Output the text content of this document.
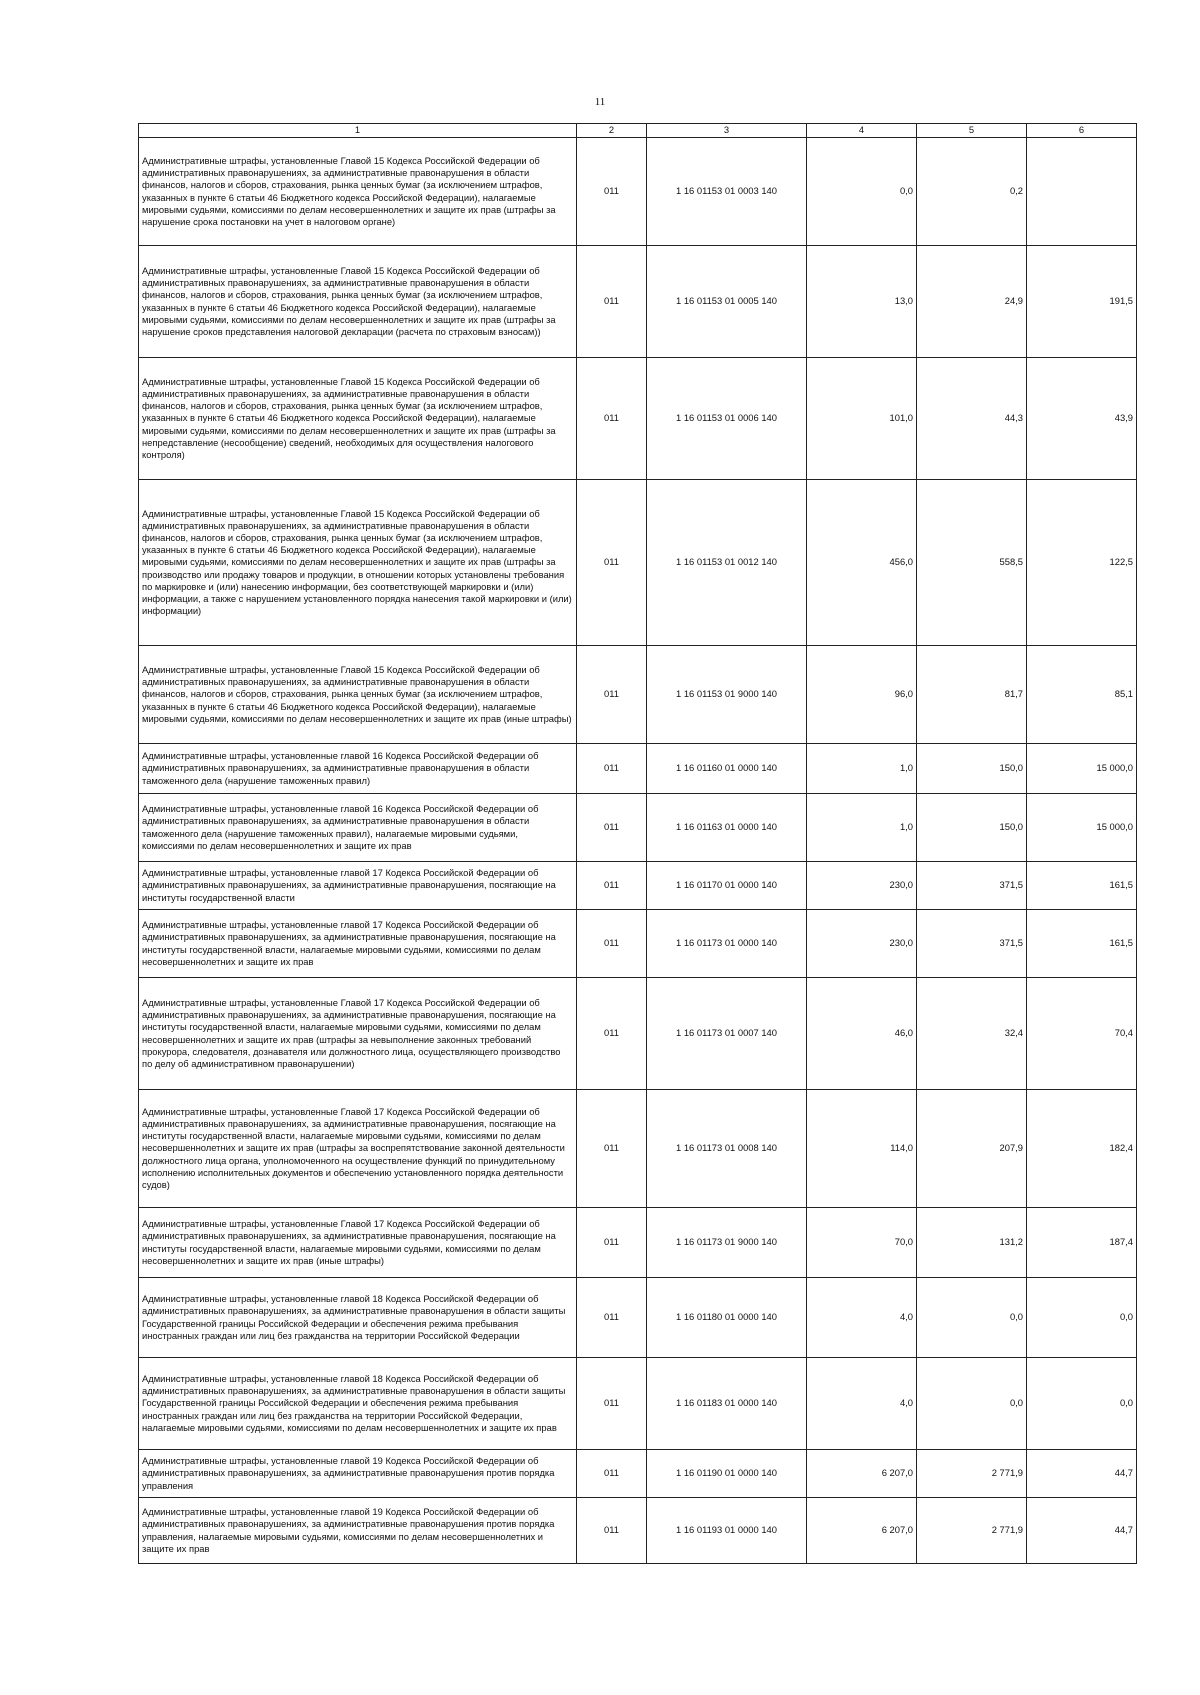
11
1	2	3	4	5	6
Административные штрафы, установленные Главой 15 Кодекса Российской Федерации об административных правонарушениях, за административные правонарушения в области финансов, налогов и сборов, страхования, рынка ценных бумаг (за исключением штрафов, указанных в пункте 6 статьи 46 Бюджетного кодекса Российской Федерации), налагаемые мировыми судьями, комиссиями по делам несовершеннолетних и защите их прав (штрафы за нарушение срока постановки на учет в налоговом органе)	011	1 16 01153 01 0003 140	0,0	0,2	
Административные штрафы, установленные Главой 15 Кодекса Российской Федерации об административных правонарушениях, за административные правонарушения в области финансов, налогов и сборов, страхования, рынка ценных бумаг (за исключением штрафов, указанных в пункте 6 статьи 46 Бюджетного кодекса Российской Федерации), налагаемые мировыми судьями, комиссиями по делам несовершеннолетних и защите их прав (штрафы за нарушение сроков представления налоговой декларации (расчета по страховым взносам))	011	1 16 01153 01 0005 140	13,0	24,9	191,5
Административные штрафы, установленные Главой 15 Кодекса Российской Федерации об административных правонарушениях, за административные правонарушения в области финансов, налогов и сборов, страхования, рынка ценных бумаг (за исключением штрафов, указанных в пункте 6 статьи 46 Бюджетного кодекса Российской Федерации), налагаемые мировыми судьями, комиссиями по делам несовершеннолетних и защите их прав (штрафы за непредставление (несообщение) сведений, необходимых для осуществления налогового контроля)	011	1 16 01153 01 0006 140	101,0	44,3	43,9
Административные штрафы, установленные Главой 15 Кодекса Российской Федерации об административных правонарушениях, за административные правонарушения в области финансов, налогов и сборов, страхования, рынка ценных бумаг (за исключением штрафов, указанных в пункте 6 статьи 46 Бюджетного кодекса Российской Федерации), налагаемые мировыми судьями, комиссиями по делам несовершеннолетних и защите их прав (штрафы за производство или продажу товаров и продукции, в отношении которых установлены требования по маркировке и (или) нанесению информации, без соответствующей маркировки и (или) информации, а также с нарушением установленного порядка нанесения такой маркировки и (или) информации)	011	1 16 01153 01 0012 140	456,0	558,5	122,5
Административные штрафы, установленные Главой 15 Кодекса Российской Федерации об административных правонарушениях, за административные правонарушения в области финансов, налогов и сборов, страхования, рынка ценных бумаг (за исключением штрафов, указанных в пункте 6 статьи 46 Бюджетного кодекса Российской Федерации), налагаемые мировыми судьями, комиссиями по делам несовершеннолетних и защите их прав (иные штрафы)	011	1 16 01153 01 9000 140	96,0	81,7	85,1
Административные штрафы, установленные главой 16 Кодекса Российской Федерации об административных правонарушениях, за административные правонарушения в области таможенного дела (нарушение таможенных правил)	011	1 16 01160 01 0000 140	1,0	150,0	15 000,0
Административные штрафы, установленные главой 16 Кодекса Российской Федерации об административных правонарушениях, за административные правонарушения в области таможенного дела (нарушение таможенных правил), налагаемые мировыми судьями, комиссиями по делам несовершеннолетних и защите их прав	011	1 16 01163 01 0000 140	1,0	150,0	15 000,0
Административные штрафы, установленные главой 17 Кодекса Российской Федерации об административных правонарушениях, за административные правонарушения, посягающие на институты государственной власти	011	1 16 01170 01 0000 140	230,0	371,5	161,5
Административные штрафы, установленные главой 17 Кодекса Российской Федерации об административных правонарушениях, за административные правонарушения, посягающие на институты государственной власти, налагаемые мировыми судьями, комиссиями по делам несовершеннолетних и защите их прав	011	1 16 01173 01 0000 140	230,0	371,5	161,5
Административные штрафы, установленные Главой 17 Кодекса Российской Федерации об административных правонарушениях, за административные правонарушения, посягающие на институты государственной власти, налагаемые мировыми судьями, комиссиями по делам несовершеннолетних и защите их прав (штрафы за невыполнение законных требований прокурора, следователя, дознавателя или должностного лица, осуществляющего производство по делу об административном правонарушении)	011	1 16 01173 01 0007 140	46,0	32,4	70,4
Административные штрафы, установленные Главой 17 Кодекса Российской Федерации об административных правонарушениях, за административные правонарушения, посягающие на институты государственной власти, налагаемые мировыми судьями, комиссиями по делам несовершеннолетних и защите их прав (штрафы за воспрепятствование законной деятельности должностного лица органа, уполномоченного на осуществление функций по принудительному исполнению исполнительных документов и обеспечению установленного порядка деятельности судов)	011	1 16 01173 01 0008 140	114,0	207,9	182,4
Административные штрафы, установленные Главой 17 Кодекса Российской Федерации об административных правонарушениях, за административные правонарушения, посягающие на институты государственной власти, налагаемые мировыми судьями, комиссиями по делам несовершеннолетних и защите их прав (иные штрафы)	011	1 16 01173 01 9000 140	70,0	131,2	187,4
Административные штрафы, установленные главой 18 Кодекса Российской Федерации об административных правонарушениях, за административные правонарушения в области защиты Государственной границы Российской Федерации и обеспечения режима пребывания иностранных граждан или лиц без гражданства на территории Российской Федерации	011	1 16 01180 01 0000 140	4,0	0,0	0,0
Административные штрафы, установленные главой 18 Кодекса Российской Федерации об административных правонарушениях, за административные правонарушения в области защиты Государственной границы Российской Федерации и обеспечения режима пребывания иностранных граждан или лиц без гражданства на территории Российской Федерации, налагаемые мировыми судьями, комиссиями по делам несовершеннолетних и защите их прав	011	1 16 01183 01 0000 140	4,0	0,0	0,0
Административные штрафы, установленные главой 19 Кодекса Российской Федерации об административных правонарушениях, за административные правонарушения против порядка управления	011	1 16 01190 01 0000 140	6 207,0	2 771,9	44,7
Административные штрафы, установленные главой 19 Кодекса Российской Федерации об административных правонарушениях, за административные правонарушения против порядка управления, налагаемые мировыми судьями, комиссиями по делам несовершеннолетних и защите их прав	011	1 16 01193 01 0000 140	6 207,0	2 771,9	44,7
